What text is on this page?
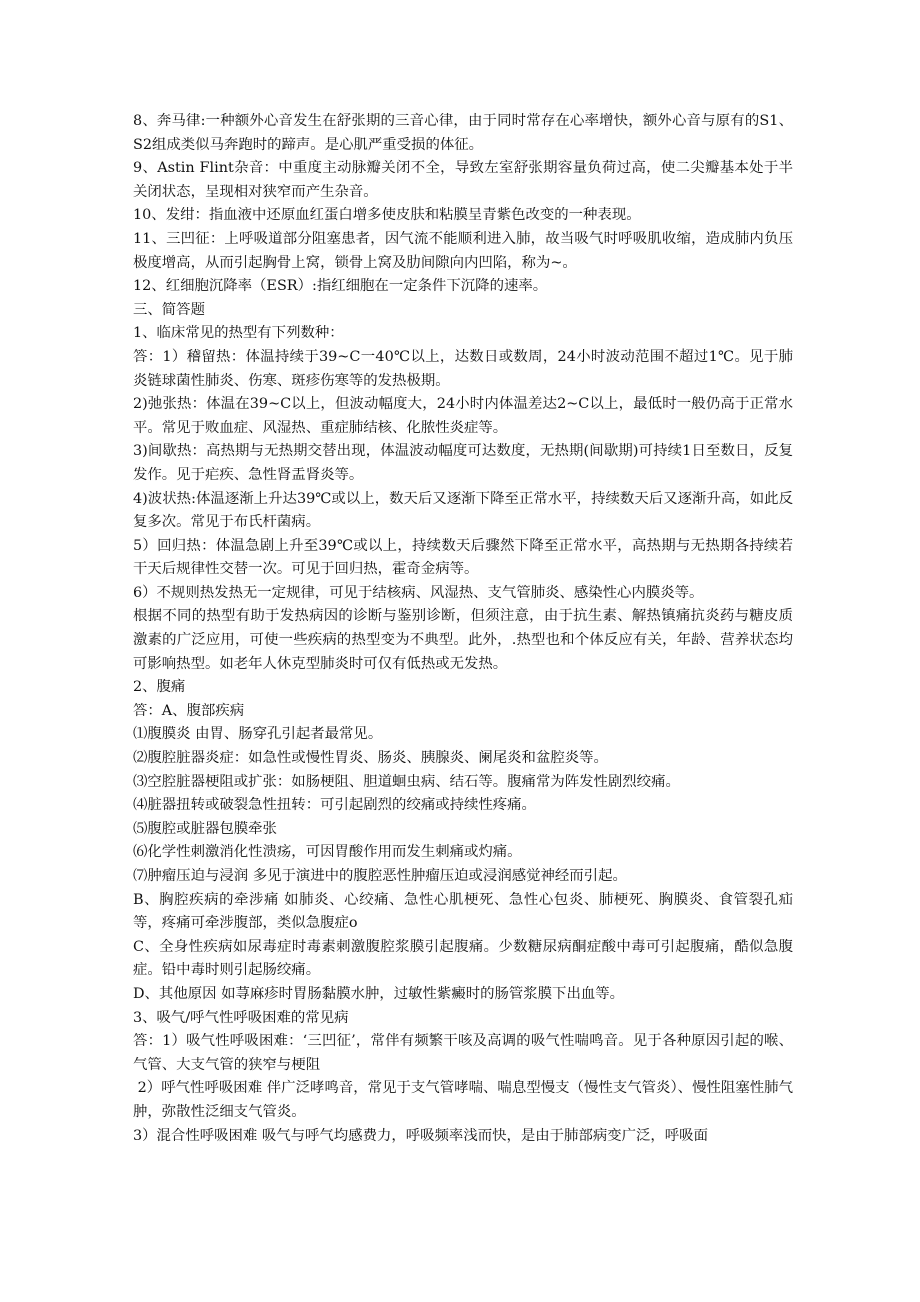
8、奔马律:一种额外心音发生在舒张期的三音心律，由于同时常存在心率增快，额外心音与原有的S1、S2组成类似马奔跑时的蹄声。是心肌严重受损的体征。

9、Astin Flint杂音：中重度主动脉瓣关闭不全，导致左室舒张期容量负荷过高，使二尖瓣基本处于半关闭状态，呈现相对狭窄而产生杂音。

10、发绀：指血液中还原血红蛋白增多使皮肤和粘膜呈青紫色改变的一种表现。

11、三凹征：上呼吸道部分阻塞患者，因气流不能顺利进入肺，故当吸气时呼吸肌收缩，造成肺内负压极度增高，从而引起胸骨上窝，锁骨上窝及肋间隙向内凹陷，称为~。

12、红细胞沉降率（ESR）:指红细胞在一定条件下沉降的速率。

三、简答题

1、临床常见的热型有下列数种：

答：1）稽留热：体温持续于39~C一40℃以上，达数日或数周，24小时波动范围不超过1℃。见于肺炎链球菌性肺炎、伤寒、斑疹伤寒等的发热极期。

2)弛张热：体温在39~C以上，但波动幅度大，24小时内体温差达2~C以上，最低时一般仍高于正常水平。常见于败血症、风湿热、重症肺结核、化脓性炎症等。

3)间歇热：高热期与无热期交替出现，体温波动幅度可达数度，无热期(间歇期)可持续1日至数日，反复发作。见于疟疾、急性肾盂肾炎等。

4)波状热:体温逐渐上升达39℃或以上，数天后又逐渐下降至正常水平，持续数天后又逐渐升高，如此反复多次。常见于布氏杆菌病。

5）回归热：体温急剧上升至39℃或以上，持续数天后骤然下降至正常水平，高热期与无热期各持续若干天后规律性交替一次。可见于回归热，霍奇金病等。

6）不规则热发热无一定规律，可见于结核病、风湿热、支气管肺炎、感染性心内膜炎等。

根据不同的热型有助于发热病因的诊断与鉴别诊断，但须注意，由于抗生素、解热镇痛抗炎药与糖皮质激素的广泛应用，可使一些疾病的热型变为不典型。此外，.热型也和个体反应有关，年龄、营养状态均可影响热型。如老年人休克型肺炎时可仅有低热或无发热。

2、腹痛

答：A、腹部疾病

⑴腹膜炎 由胃、肠穿孔引起者最常见。

⑵腹腔脏器炎症：如急性或慢性胃炎、肠炎、胰腺炎、阑尾炎和盆腔炎等。

⑶空腔脏器梗阻或扩张：如肠梗阻、胆道蛔虫病、结石等。腹痛常为阵发性剧烈绞痛。

⑷脏器扭转或破裂急性扭转：可引起剧烈的绞痛或持续性疼痛。

⑸腹腔或脏器包膜牵张

⑹化学性刺激消化性溃疡，可因胃酸作用而发生刺痛或灼痛。

⑺肿瘤压迫与浸润 多见于演进中的腹腔恶性肿瘤压迫或浸润感觉神经而引起。

B、胸腔疾病的牵涉痛 如肺炎、心绞痛、急性心肌梗死、急性心包炎、肺梗死、胸膜炎、食管裂孔疝等，疼痛可牵涉腹部，类似急腹症o

C、全身性疾病如尿毒症时毒素刺激腹腔浆膜引起腹痛。少数糖尿病酮症酸中毒可引起腹痛，酷似急腹症。铅中毒时则引起肠绞痛。

D、其他原因 如荨麻疹时胃肠黏膜水肿，过敏性紫癜时的肠管浆膜下出血等。

3、吸气/呼气性呼吸困难的常见病

答：1）吸气性呼吸困难：‘三凹征’，常伴有频繁干咳及高调的吸气性喘鸣音。见于各种原因引起的喉、气管、大支气管的狭窄与梗阻

2）呼气性呼吸困难 伴广泛哮鸣音，常见于支气管哮喘、喘息型慢支（慢性支气管炎）、慢性阻塞性肺气肿，弥散性泛细支气管炎。

3）混合性呼吸困难 吸气与呼气均感费力，呼吸频率浅而快，是由于肺部病变广泛，呼吸面
